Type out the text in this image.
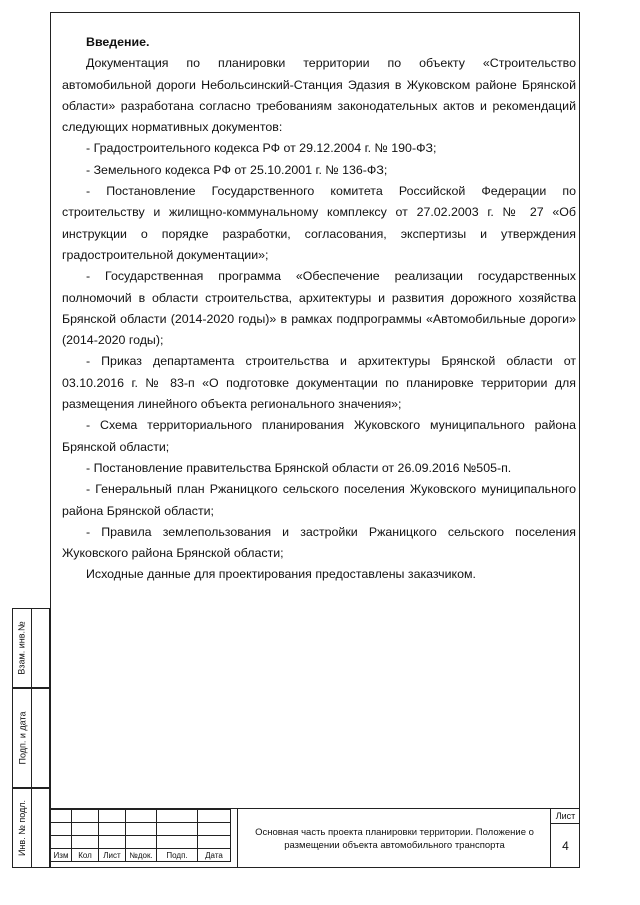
Введение.

Документация по планировки территории по объекту «Строительство автомобильной дороги Небольсинский-Станция Эдазия в Жуковском районе Брянской области» разработана согласно требованиям законодательных актов и рекомендаций следующих нормативных документов:

- Градостроительного кодекса РФ от 29.12.2004 г. № 190-ФЗ;

- Земельного кодекса РФ от 25.10.2001 г. № 136-ФЗ;

- Постановление Государственного комитета Российской Федерации по строительству и жилищно-коммунальному комплексу от 27.02.2003 г. № 27 «Об инструкции о порядке разработки, согласования, экспертизы и утверждения градостроительной документации»;

- Государственная программа «Обеспечение реализации государственных полномочий в области строительства, архитектуры и развития дорожного хозяйства Брянской области (2014-2020 годы)» в рамках подпрограммы «Автомобильные дороги» (2014-2020 годы);

- Приказ департамента строительства и архитектуры Брянской области от 03.10.2016 г. № 83-п «О подготовке документации по планировке территории для размещения линейного объекта регионального значения»;

- Схема территориального планирования Жуковского муниципального района Брянской области;

- Постановление правительства Брянской области от 26.09.2016 №505-п.

- Генеральный план Ржаницкого сельского поселения Жуковского муниципального района Брянской области;

- Правила землепользования и застройки Ржаницкого сельского поселения Жуковского района Брянской области;

Исходные данные для проектирования предоставлены заказчиком.

Взам. инв.№
Подп. и дата
Инв. № подл.

						Изм	Кол	Лист	№док.	Подп.	Дата
Основная часть проекта планировки территории. Положение о размещении объекта автомобильного транспорта
Лист
4
